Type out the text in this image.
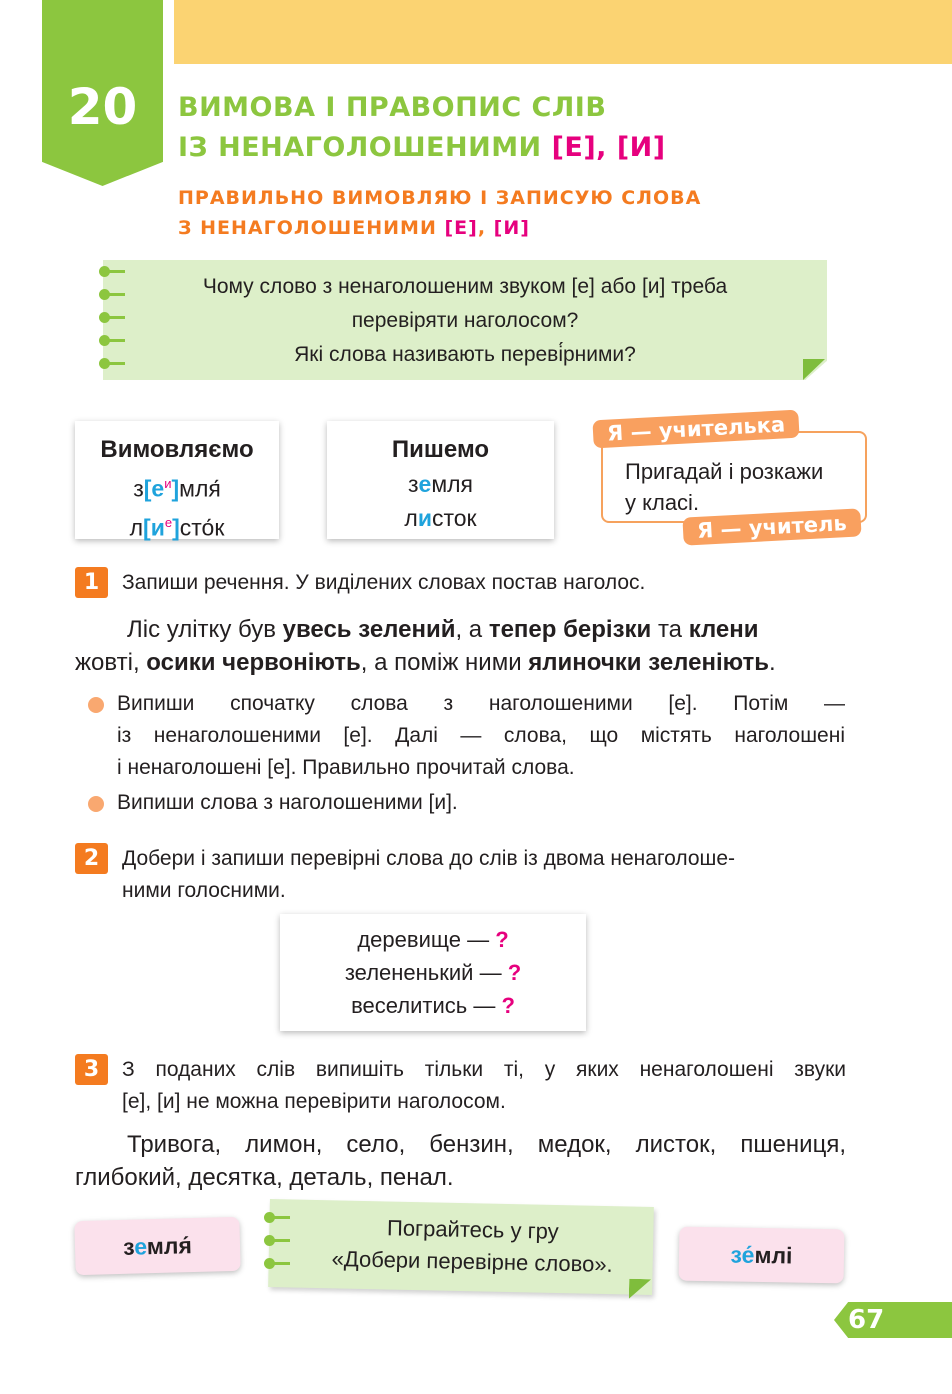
20	ВИМОВА І ПРАВОПИС СЛІВ
ІЗ НЕНАГОЛОШЕНИМИ [Е], [И]
ПРАВИЛЬНО ВИМОВЛЯЮ І ЗАПИСУЮ СЛОВА
З НЕНАГОЛОШЕНИМИ [Е], [И]
Чому слово з ненаголошеним звуком [е] або [и] треба
перевіряти наголосом?
Які слова називають переві́рними?
Вимовляємо
$з[е^и]мля́$
$л[и^е]сто́к$
Пишемо
земля
листок
Я — учителька
Пригадай і розкажи
у класі.
Я — учитель
1	Запиши речення. У виділених словах постав наголос.
Ліс улітку був увесь зелений, а тепер берізки та клени
жовті, осики червоніють, а поміж ними ялиночки зеленіють.
Випиши спочатку слова з наголошеними [е]. Потім —
із ненаголошеними [е]. Далі — слова, що містять наголошені
і ненаголошені [е]. Правильно прочитай слова.
Випиши слова з наголошеними [и].
2	Добери і запиши перевірні слова до слів із двома ненаголоше-
ними голосними.
деревище — ?
зелененький — ?
веселитись — ?
3	З поданих слів випишіть тільки ті, у яких ненаголошені звуки
[е], [и] не можна перевірити наголосом.
Тривога, лимон, село, бензин, медок, листок, пшениця,
глибокий, десятка, деталь, пенал.
земля́
Пограйтесь у гру
«Добери перевірне слово».	зе́млі
67
